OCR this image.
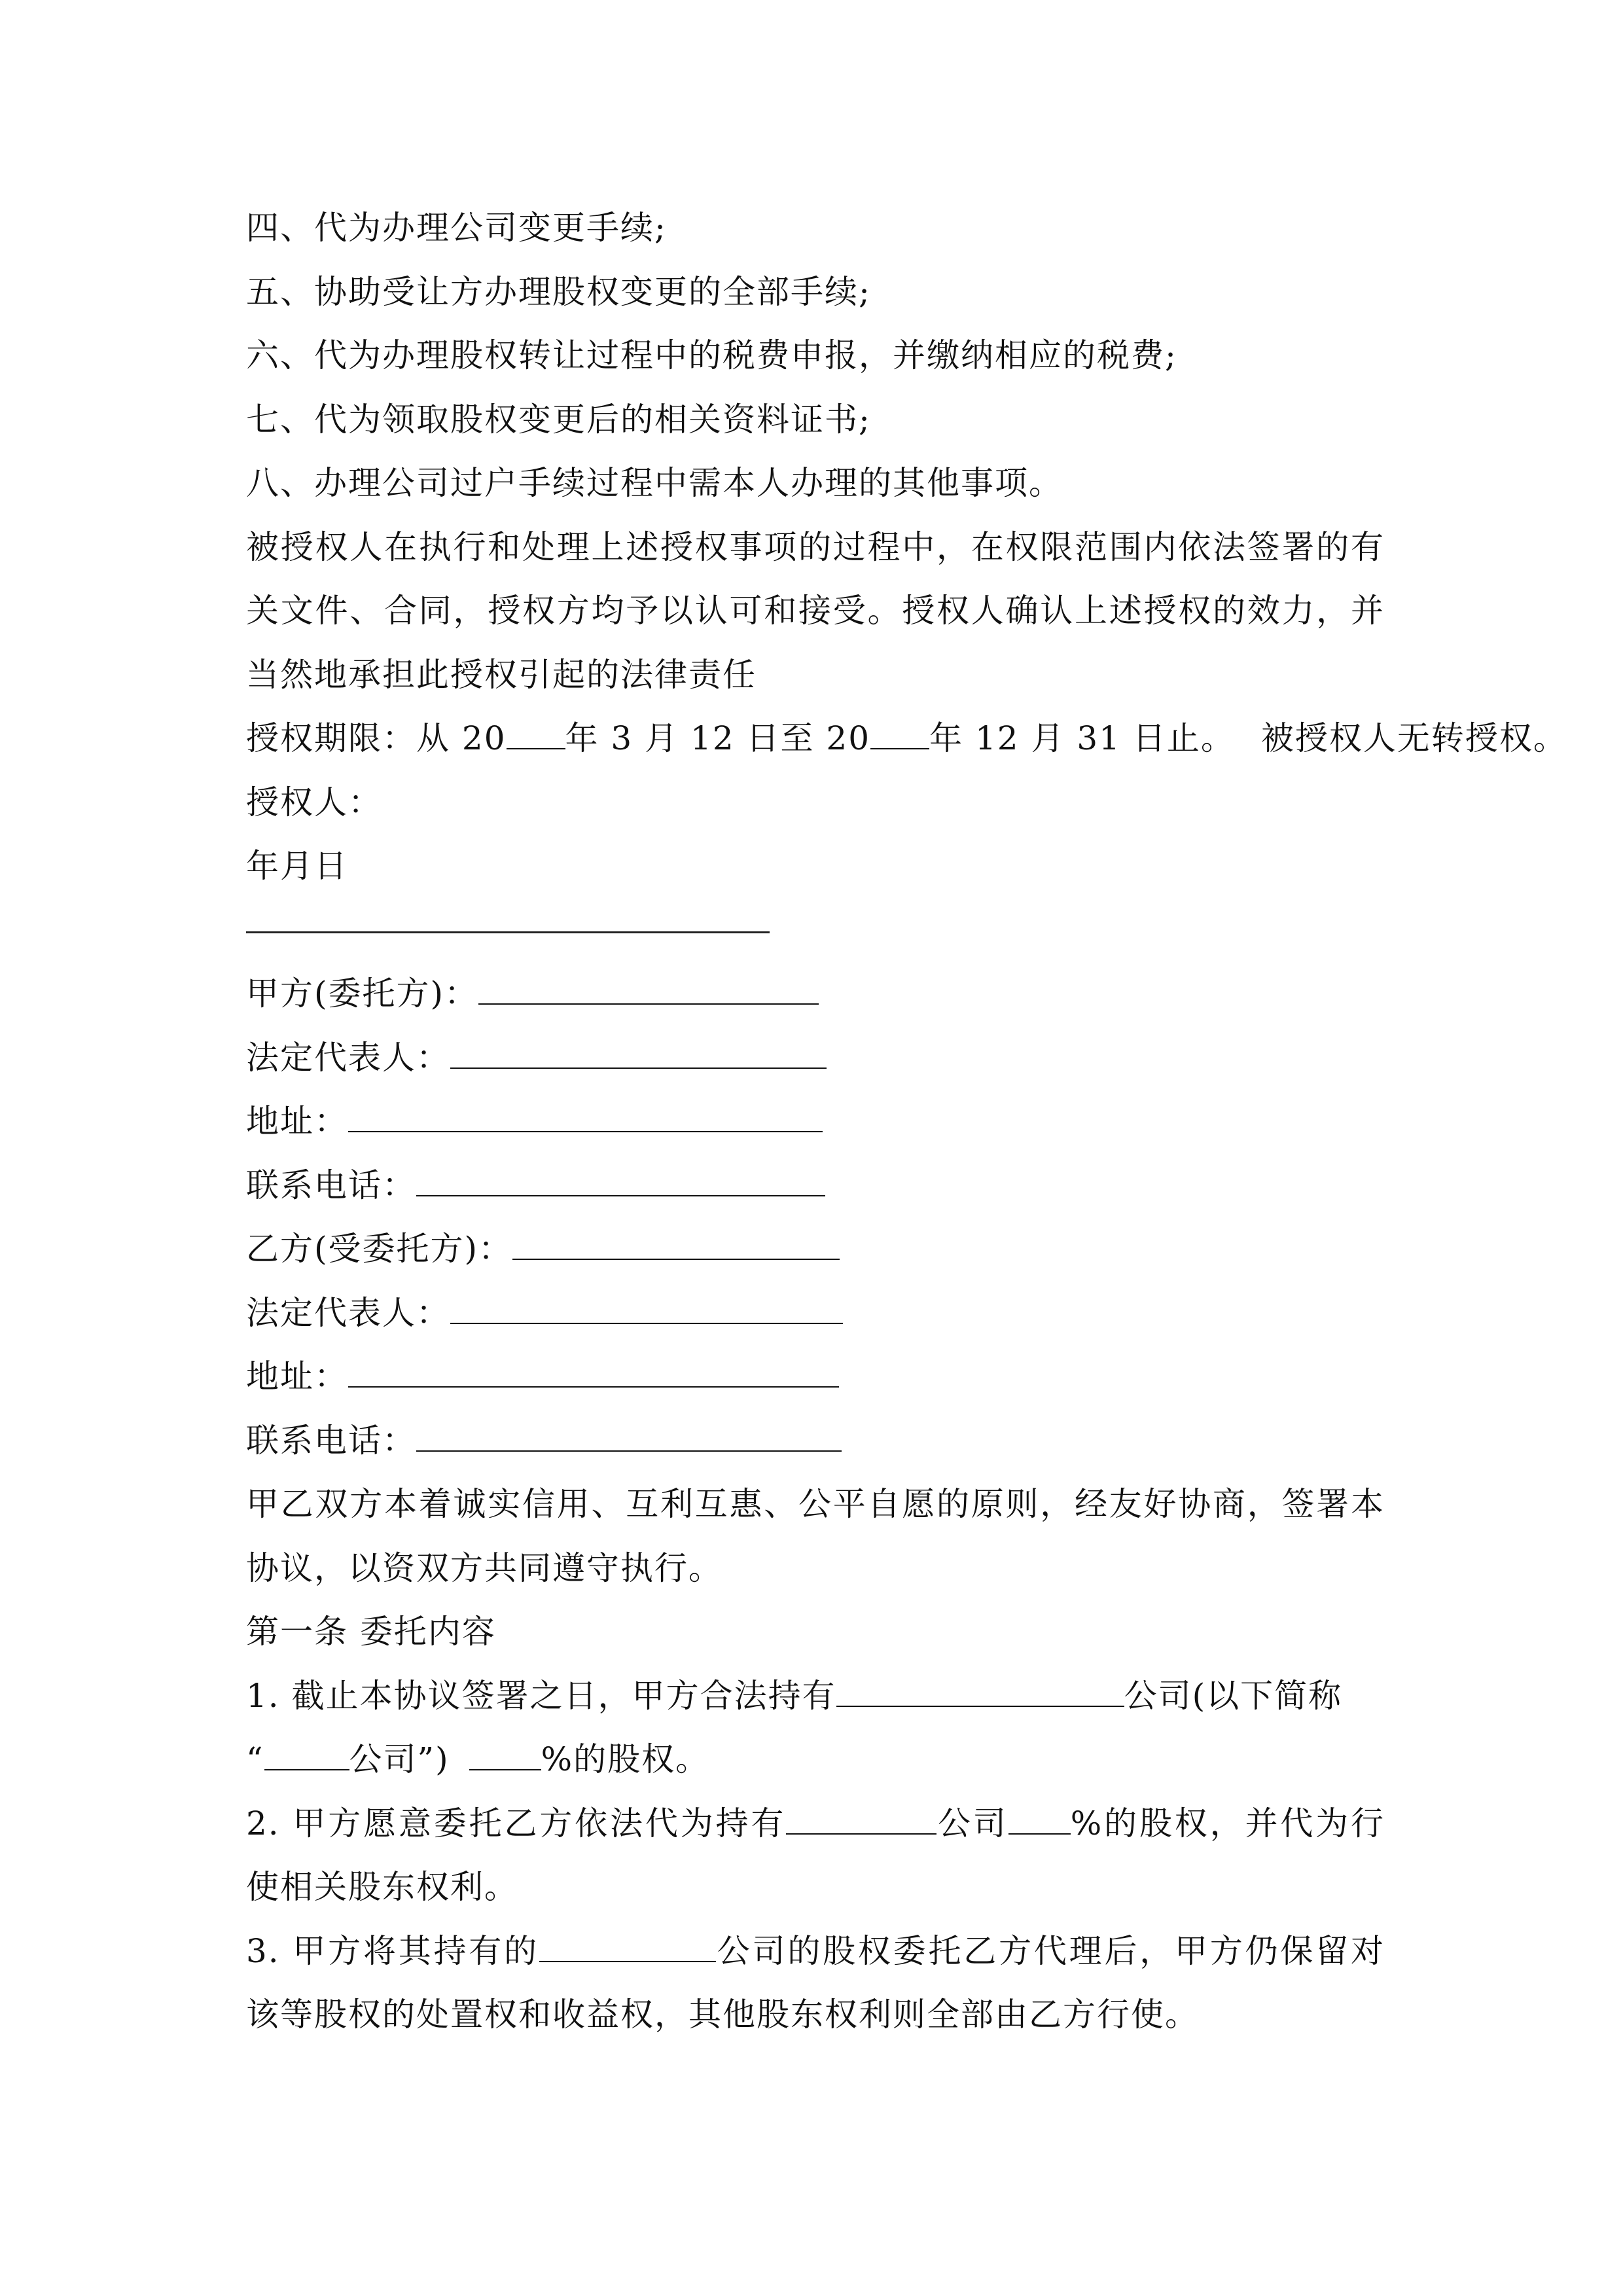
四、代为办理公司变更手续;
五、协助受让方办理股权变更的全部手续;
六、代为办理股权转让过程中的税费申报，并缴纳相应的税费;
七、代为领取股权变更后的相关资料证书;
八、办理公司过户手续过程中需本人办理的其他事项。
被授权人在执行和处理上述授权事项的过程中，在权限范围内依法签署的有关文件、合同，授权方均予以认可和接受。授权人确认上述授权的效力，并当然地承担此授权引起的法律责任
授权期限：从 20 年 3 月 12 日至 20 年 12 月 31 日止。 被授权人无转授权。
授权人：
年月日
甲方(委托方)：
法定代表人：
地址：
联系电话：
乙方(受委托方)：
法定代表人：
地址：
联系电话：
甲乙双方本着诚实信用、互利互惠、公平自愿的原则，经友好协商，签署本协议，以资双方共同遵守执行。
第一条 委托内容
1. 截止本协议签署之日，甲方合法持有	公司(以下简称
“	公司”)	%的股权。
2. 甲方愿意委托乙方依法代为持有	公司 %的股权，并代为行使相关股东权利。
3. 甲方将其持有的	公司的股权委托乙方代理后，甲方仍保留对该等股权的处置权和收益权，其他股东权利则全部由乙方行使。
